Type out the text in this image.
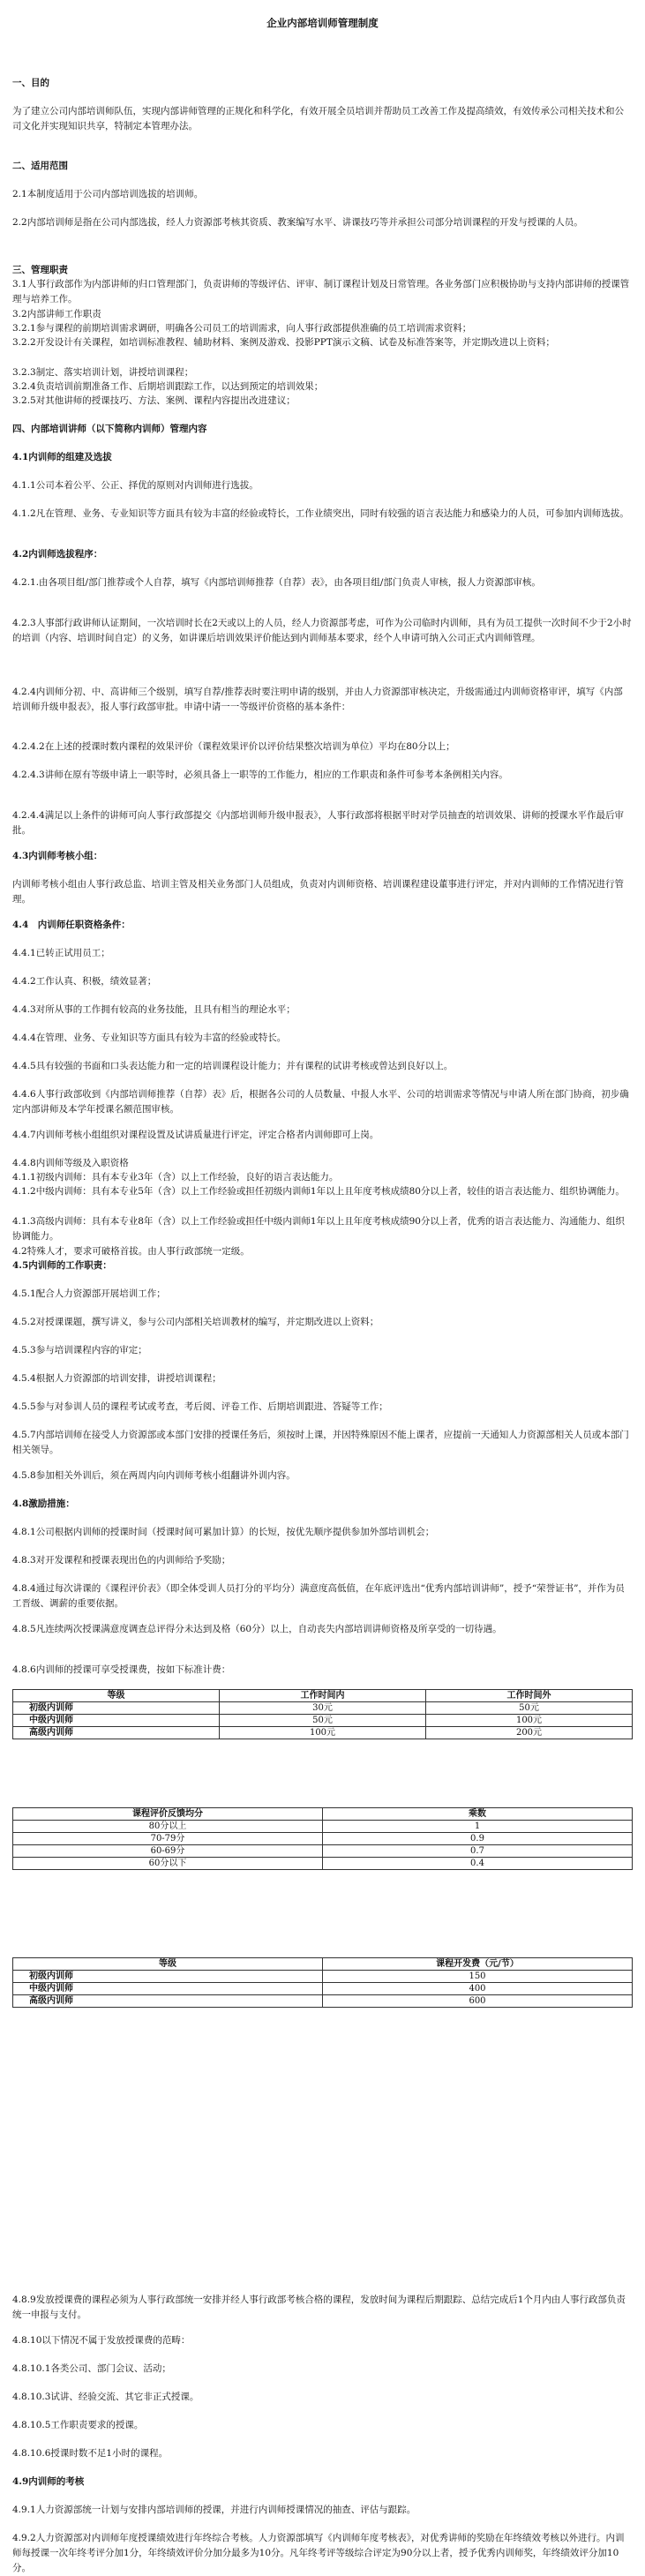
企业内部培训师管理制度

一、目的

为了建立公司内部培训师队伍，实现内部讲师管理的正规化和科学化，有效开展全员培训并帮助员工改善工作及提高绩效，有效传承公司相关技术和公司文化并实现知识共享，特制定本管理办法。

二、适用范围

2.1本制度适用于公司内部培训选拔的培训师。

2.2内部培训师是指在公司内部选拔，经人力资源部考核其资质、教案编写水平、讲课技巧等并承担公司部分培训课程的开发与授课的人员。

三、管理职责

3.1人事行政部作为内部讲师的归口管理部门，负责讲师的等级评估、评审、制订课程计划及日常管理。各业务部门应积极协助与支持内部讲师的授课管理与培养工作。

3.2内部讲师工作职责

3.2.1参与课程的前期培训需求调研，明确各公司员工的培训需求，向人事行政部提供准确的员工培训需求资料；

3.2.2开发设计有关课程，如培训标准教程、辅助材料、案例及游戏、投影PPT演示文稿、试卷及标准答案等，并定期改进以上资料；

3.2.3制定、落实培训计划，讲授培训课程；

3.2.4负责培训前期准备工作、后期培训跟踪工作，以达到预定的培训效果；

3.2.5对其他讲师的授课技巧、方法、案例、课程内容提出改进建议；

四、内部培训讲师（以下简称内训师）管理内容

4.1内训师的组建及选拔

4.1.1公司本着公平、公正、择优的原则对内训师进行选拔。

4.1.2凡在管理、业务、专业知识等方面具有较为丰富的经验或特长，工作业绩突出，同时有较强的语言表达能力和感染力的人员，可参加内训师选拔。

4.2内训师选拔程序：

4.2.1.由各项目组/部门推荐或个人自荐，填写《内部培训师推荐（自荐）表》，由各项目组/部门负责人审核，报人力资源部审核。

4.2.3人事部行政讲师认证期间，一次培训时长在2天或以上的人员，经人力资源部考虑，可作为公司临时内训师，具有为员工提供一次时间不少于2小时的培训（内容、培训时间自定）的义务，如讲课后培训效果评价能达到内训师基本要求，经个人申请可纳入公司正式内训师管理。

4.2.4内训师分初、中、高讲师三个级别，填写自荐/推荐表时要注明申请的级别，并由人力资源部审核决定，升级需通过内训师资格审评，填写《内部培训师升级申报表》，报人事行政部审批。申请中请一一等级评价资格的基本条件：

4.2.4.2在上述的授课时数内课程的效果评价（课程效果评价以评价结果整次培训为单位）平均在80分以上；

4.2.4.3讲师在原有等级申请上一职等时，必须具备上一职等的工作能力，相应的工作职责和条件可参考本条例相关内容。

4.2.4.4满足以上条件的讲师可向人事行政部提交《内部培训师升级申报表》，人事行政部将根据平时对学员抽查的培训效果、讲师的授课水平作最后审批。

4.3内训师考核小组：

内训师考核小组由人事行政总监、培训主管及相关业务部门人员组成，负责对内训师资格、培训课程建设董事进行评定，并对内训师的工作情况进行管理。

4.4　内训师任职资格条件：

4.4.1已转正试用员工；

4.4.2工作认真、积极，绩效显著；

4.4.3对所从事的工作拥有较高的业务技能，且具有相当的理论水平；

4.4.4在管理、业务、专业知识等方面具有较为丰富的经验或特长。

4.4.5具有较强的书面和口头表达能力和一定的培训课程设计能力；并有课程的试讲考核或曾达到良好以上。

4.4.6人事行政部收到《内部培训师推荐（自荐）表》后，根据各公司的人员数量、中报人水平、公司的培训需求等情况与申请人所在部门协商，初步确定内部讲师及本学年授课名额范围审核。

4.4.7内训师考核小组组织对课程设置及试讲质量进行评定，评定合格者内训师即可上岗。

4.4.8内训师等级及入职资格

4.1.1初级内训师：具有本专业3年（含）以上工作经验，良好的语言表达能力。

4.1.2中级内训师：具有本专业5年（含）以上工作经验或担任初级内训师1年以上且年度考核成绩80分以上者，较佳的语言表达能力、组织协调能力。

4.1.3高级内训师：具有本专业8年（含）以上工作经验或担任中级内训师1年以上且年度考核成绩90分以上者，优秀的语言表达能力、沟通能力、组织协调能力。

4.2特殊人才，要求可破格首拔。由人事行政部统一定级。

4.5内训师的工作职责：

4.5.1配合人力资源部开展培训工作；

4.5.2对授课课题，撰写讲义，参与公司内部相关培训教材的编写，并定期改进以上资料；

4.5.3参与培训课程内容的审定；

4.5.4根据人力资源部的培训安排，讲授培训课程；

4.5.5参与对参训人员的课程考试或考查，考后阅、评卷工作、后期培训跟进、答疑等工作；

4.5.7内部培训师在接受人力资源部或本部门安排的授课任务后，须按时上课，并因特殊原因不能上课者，应提前一天通知人力资源部相关人员或本部门相关领导。

4.5.8参加相关外训后，须在两周内向内训师考核小组翻讲外训内容。

4.8激励措施：

4.8.1公司根据内训师的授课时间（授课时间可累加计算）的长短，按优先顺序提供参加外部培训机会；

4.8.3对开发课程和授课表现出色的内训师给予奖励；

4.8.4通过每次讲课的《课程评价表》（即全体受训人员打分的平均分）满意度高低值，在年底评选出“优秀内部培训讲师”，授予“荣誉证书”，并作为员工晋级、调薪的重要依据。

4.8.5凡连续两次授课满意度调查总评得分未达到及格（60分）以上，自动丧失内部培训讲师资格及所享受的一切待遇。

4.8.6内训师的授课可享受授课费，按如下标准计费：

4.8.9发放授课费的课程必须为人事行政部统一安排并经人事行政部考核合格的课程，发放时间为课程后期跟踪、总结完成后1个月内由人事行政部负责统一申报与支付。

4.8.10以下情况不属于发放授课费的范畴：

4.8.10.1各类公司、部门会议、活动；

4.8.10.3试讲、经验交流、其它非正式授课。

4.8.10.5工作职责要求的授课。

4.8.10.6授课时数不足1小时的课程。

4.9内训师的考核

4.9.1人力资源部统一计划与安排内部培训师的授课，并进行内训师授课情况的抽查、评估与跟踪。

4.9.2人力资源部对内训师年度授课绩效进行年终综合考核。人力资源部填写《内训师年度考核表》，对优秀讲师的奖励在年终绩效考核以外进行。内训师每授课一次年终考评分加1分，年终绩效评价分加分最多为10分。凡年终考评等级综合评定为90分以上者，授予优秀内训师奖，年终绩效评分加10分。

等级	工作时间内	工作时间外
初级内训师	30元	50元
中级内训师	50元	100元
高级内训师	100元	200元
课程评价反馈均分	乘数
80分以上	1
70-79分	0.9
60-69分	0.7
60分以下	0.4
等级	课程开发费（元/节）
初级内训师	150
中级内训师	400
高级内训师	600
